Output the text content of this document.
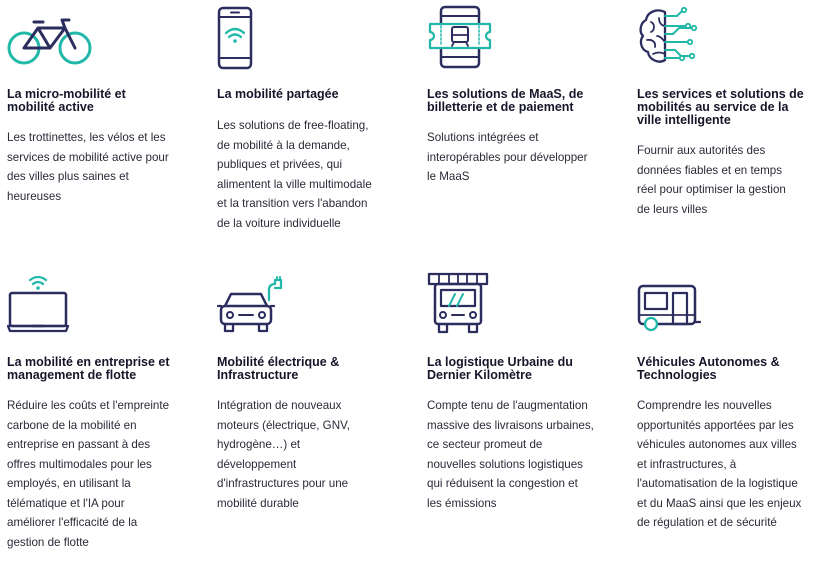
La micro-mobilité et
mobilité active

Les trottinettes, les vélos et les

services de mobilité active pour

des villes plus saines et

heureuses

La mobilité partagée

Les solutions de free-floating,

de mobilité à la demande,

publiques et privées, qui

alimentent la ville multimodale

et la transition vers l'abandon

de la voiture individuelle

Les solutions de MaaS, de
billetterie et de paiement

Solutions intégrées et

interopérables pour développer

le MaaS

Les services et solutions de
mobilités au service de la
ville intelligente

Fournir aux autorités des

données fiables et en temps

réel pour optimiser la gestion

de leurs villes

La mobilité en entreprise et
management de flotte

Réduire les coûts et l'empreinte

carbone de la mobilité en

entreprise en passant à des

offres multimodales pour les

employés, en utilisant la

télématique et l'IA pour

améliorer l'efficacité de la

gestion de flotte

Mobilité électrique &
Infrastructure

Intégration de nouveaux

moteurs (électrique, GNV,

hydrogène…) et

développement

d'infrastructures pour une

mobilité durable

La logistique Urbaine du
Dernier Kilomètre

Compte tenu de l'augmentation

massive des livraisons urbaines,

ce secteur promeut de

nouvelles solutions logistiques

qui réduisent la congestion et

les émissions

Véhicules Autonomes &
Technologies

Comprendre les nouvelles

opportunités apportées par les

véhicules autonomes aux villes

et infrastructures, à

l'automatisation de la logistique

et du MaaS ainsi que les enjeux

de régulation et de sécurité
